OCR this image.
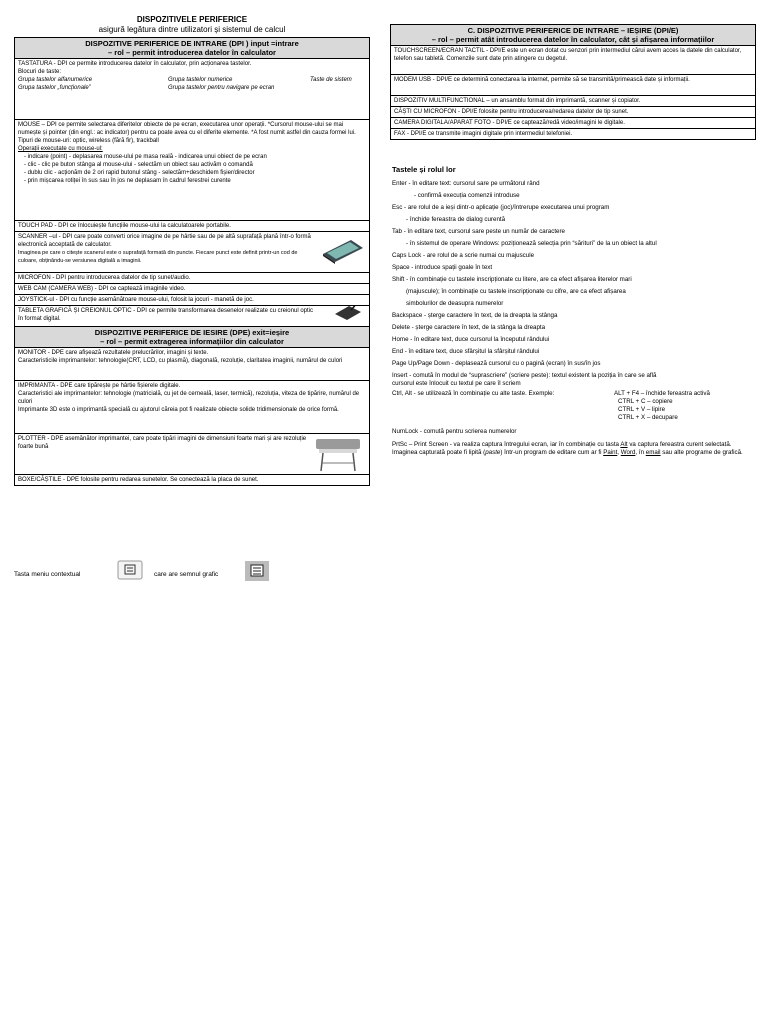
DISPOZITIVELE PERIFERICE
asigură legătura dintre utilizatori și sistemul de calcul
DISPOZITIVE PERIFERICE DE INTRARE (DPI ) input =intrare
– rol – permit introducerea datelor în calculator

TASTATURA - DPI ce permite introducerea datelor în calculator, prin acționarea tastelor.
Blocuri de taste:
Grupa tastelor alfanumerice	Grupa tastelor numerice	Taste de sistem
Grupa tastelor „funcționale”	Grupa tastelor pentru navigare pe ecran

MOUSE – DPI ce permite selectarea diferitelor obiecte de pe ecran, executarea unor operații. *Cursorul mouse-ului se mai numește și pointer (din engl.: ac indicator) pentru ca poate avea cu el diferite elemente. *A fost numit astfel din cauza formei lui.
Tipuri de mouse-uri: optic, wireless (fără fir), trackball
Operații executate cu mouse-ul:
- indicare (point) - deplasarea mouse-ului pe masa reală - indicarea unui obiect de pe ecran
- clic - clic pe buton stânga al mouse-ului - selectăm un obiect sau activăm o comandă
- dublu clic - acționăm de 2 ori rapid butonul stâng - selectăm+deschidem fișier/director
- prin mișcarea rotiței în sus sau în jos ne deplasam în cadrul ferestrei curente

TOUCH PAD - DPI ce înlocuiește funcțiile mouse-ului la calculatoarele portabile.

SCANNER –ul - DPI care poate converti orice imagine de pe hârtie sau de pe altă suprafață plană într-o formă electronică acceptată de calculator.
Imaginea pe care o citește scanerul este o suprafață formată din puncte. Fiecare punct este definit printr-un cod de culoare, obținându-se versiunea digitală a imaginii.

MICROFON - DPI pentru introducerea datelor de tip sunet/audio.
WEB CAM (CAMERA WEB) - DPI ce captează imaginile video.
JOYSTICK-ul - DPI cu funcție asemănătoare mouse-ului, folosit la jocuri - manetă de joc.

TABLETA GRAFICĂ ȘI CREIONUL OPTIC - DPI ce permite transformarea desenelor realizate cu creionul optic în format digital.

DISPOZITIVE PERIFERICE DE IESIRE (DPE) exit=ieșire
– rol – permit extragerea informațiilor din calculator

MONITOR - DPE care afișează rezultatele prelucrărilor, imagini și texte.
Caracteristicile imprimantelor: tehnologie(CRT, LCD, cu plasmă), diagonală, rezoluție, claritatea imaginii, numărul de culori

IMPRIMANTA - DPE care tipărește pe hârtie fișierele digitale.
Caracteristici ale imprimantelor: tehnologie (matricială, cu jet de cerneală, laser, termică), rezoluția, viteza de tipărire, numărul de culori
Imprimante 3D este o imprimantă specială cu ajutorul căreia pot fi realizate obiecte solide tridimensionale de orice formă.

PLOTTER - DPE asemănător imprimantei, care poate tipări imagini de dimensiuni foarte mari și are rezoluție foarte bună

BOXE/CĂȘTILE - DPE folosite pentru redarea sunetelor. Se conectează la placa de sunet.
Tasta meniu contextual	care are semnul grafic
C. DISPOZITIVE PERIFERICE DE INTRARE – IEȘIRE (DPI/E)
– rol – permit atât introducerea datelor în calculator, cât și afișarea informațiilor

TOUCHSCREEN/ECRAN TACTIL - DPI/E este un ecran dotat cu senzori prin intermediul cărui avem acces la datele din calculator, telefon sau tabletă. Comenzile sunt date prin atingere cu degetul.
MODEM USB - DPI/E ce determină conectarea la internet, permite să se transmită/primească date și informații.
DISPOZITIV MULTIFUNCTIONAL – un ansamblu format din imprimantă, scanner și copiator.
CĂȘTI CU MICROFON - DPI/E folosite pentru introducerea/redarea datelor de tip sunet.
CAMERA DIGITALA/APARAT FOTO - DPI/E ce captează/redă video/imagini le digitale.
FAX - DPI/E ce transmite imagini digitale prin intermediul telefoniei.

Tastele și rolul lor

Enter - în editare text: cursorul sare pe următorul rând

- confirmă execuția comenzii introduse

Esc - are rolul de a ieși dintr-o aplicație (joc)/întrerupe executarea unui program

- închide fereastra de dialog curentă

Tab - în editare text, cursorul sare peste un număr de caractere

- în sistemul de operare Windows: poziționează selecția prin “sărituri” de la un obiect la altul

Caps Lock - are rolul de a scrie numai cu majuscule

Space - introduce spații goale în text

Shift - în combinație cu tastele inscripționate cu litere, are ca efect afișarea literelor mari

(majuscule); în combinație cu tastele inscripționate cu cifre, are ca efect afișarea

simbolurilor de deasupra numerelor

Backspace - șterge caractere în text, de la dreapta la stânga

Delete - șterge caractere în text, de la stânga la dreapta

Home - în editare text, duce cursorul la începutul rândului

End - în editare text, duce sfârșitul la sfârșitul rândului

Page Up/Page Down - deplasează cursorul cu o pagină (ecran) în sus/în jos

Insert - comută în modul de “suprascriere” (scriere peste): textul existent la poziția în care se află

cursorul este înlocuit cu textul pe care îl scriem

Ctrl, Alt - se utilizează în combinație cu alte taste. Exemple:	ALT + F4 – închide fereastra activă

CTRL + C – copiere

CTRL + V – lipire

CTRL + X – decupare

NumLock - comută pentru scrierea numerelor

PrtSc – Print Screen - va realiza captura întregului ecran, iar în combinație cu tasta Alt va captura fereastra curent selectată. Imaginea capturată poate fi lipită (paste) într-un program de editare cum ar fi Paint, Word, în email sau alte programe de grafică.
